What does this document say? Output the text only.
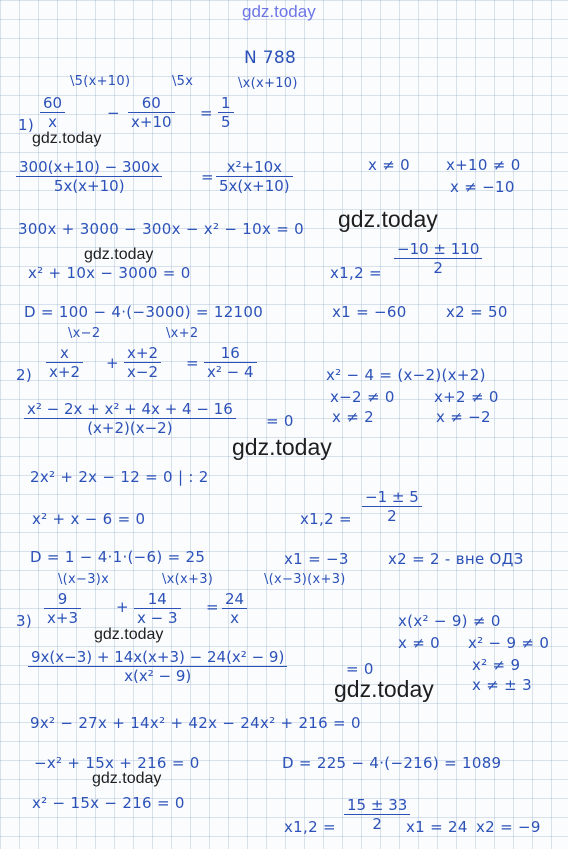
gdz.today
N 788
\5(x+10)	\5x	\x(x+10)
$1) \frac{60}{x}$	− $\frac{60}{x+10} = \frac{1}{5}$
gdz.today
$\frac{300(x+10) - 300x}{5x(x+10)}$	= $\frac{\text{x²+10x}}{5x(x+10)}$	x ≠ 0 x+10 ≠ 0
x ≠ −10
300x + 3000 − 300x − x² − 10x = 0 gdz.today
gdz.today
x² + 10x − 3000 = 0	$x1,2 = \frac{-10 \pm 110}{2}$
D = 100 − 4·(−3000) = 12100	x1 = −60	x2 = 50
\x−2	\x+2
$2) \frac{x}{x+2} + \frac{x+2}{x-2} = \frac{16}{\text{x² − 4}}$	x² − 4 = (x−2)(x+2)
x−2 ≠ 0	x+2 ≠ 0
x ≠ 2	x ≠ −2
$\frac{\text{x² − 2x + x² + 4x + 4 − 16}}{(x+2)(x-2)} = 0$
gdz.today
2x² + 2x − 12 = 0 | : 2
x² + x − 6 = 0	$x1,2 = \frac{-1 \pm 5}{2}$
D = 1 − 4·1·(−6) = 25	x1 = −3	x2 = 2 - вне ОДЗ
\(x−3)x	\x(x+3)	\(x−3)(x+3)
$3) \frac{9}{x+3} + \frac{14}{x - 3} = \frac{24}{x}$	x(x² − 9) ≠ 0
x ≠ 0 x² − 9 ≠ 0
x² ≠ 9
x ≠ ± 3
gdz.today
$\frac{\text{9x(x−3) + 14x(x+3) − 24(x² − 9)}}{\text{x(x² − 9)}}$	= 0
gdz.today
9x² − 27x + 14x² + 42x − 24x² + 216 = 0
−x² + 15x + 216 = 0	D = 225 − 4·(−216) = 1089
gdz.today
x² − 15x − 216 = 0
$x1,2 = \frac{15 \pm 33}{2}$
x1 = 24 x2 = −9
